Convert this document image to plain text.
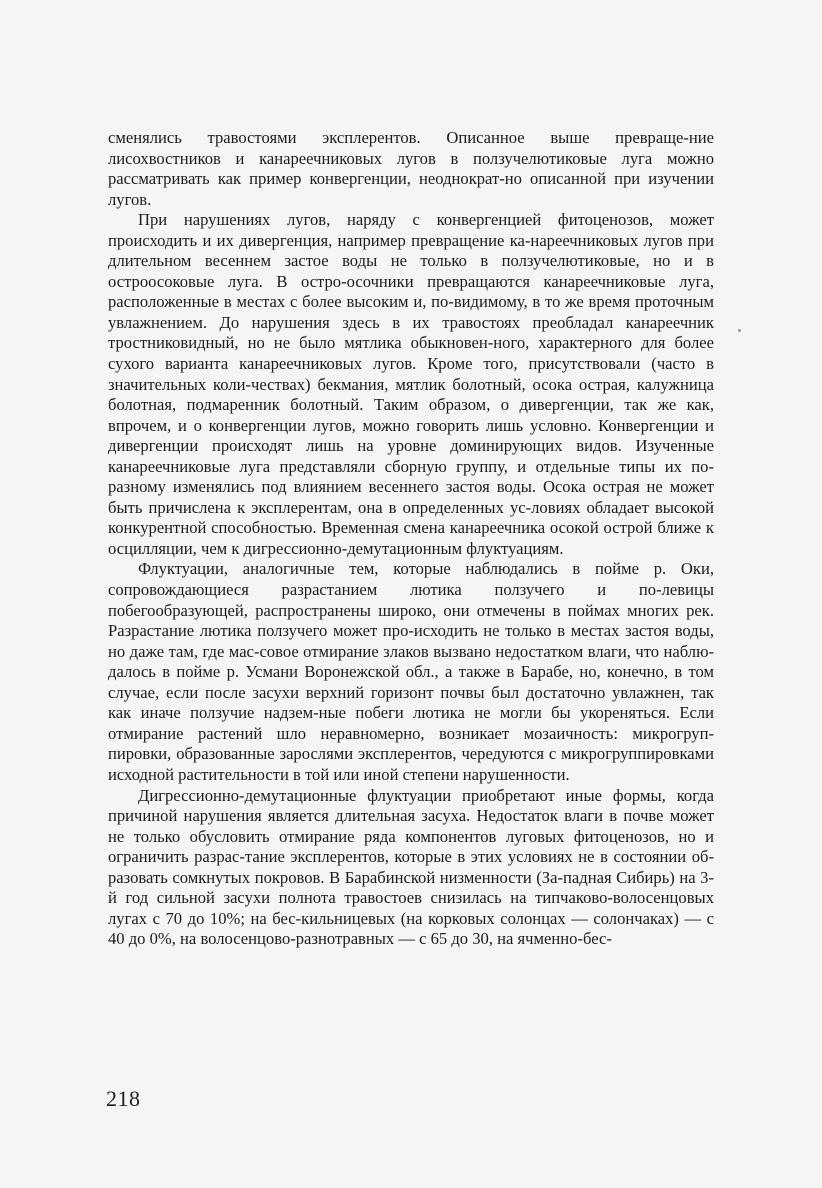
сменялись травостоями эксплерентов. Описанное выше превраще-ние лисохвостников и канареечниковых лугов в ползучелютиковые луга можно рассматривать как пример конвергенции, неоднократ-но описанной при изучении лугов.

При нарушениях лугов, наряду с конвергенцией фитоценозов, может происходить и их дивергенция, например превращение ка-нареечниковых лугов при длительном весеннем застое воды не только в ползучелютиковые, но и в остроосоковые луга. В остро-осочники превращаются канареечниковые луга, расположенные в местах с более высоким и, по-видимому, в то же время проточным увлажнением. До нарушения здесь в их травостоях преобладал канареечник тростниковидный, но не было мятлика обыкновен-ного, характерного для более сухого варианта канареечниковых лугов. Кроме того, присутствовали (часто в значительных коли-чествах) бекмания, мятлик болотный, осока острая, калужница болотная, подмаренник болотный. Таким образом, о дивергенции, так же как, впрочем, и о конвергенции лугов, можно говорить лишь условно. Конвергенции и дивергенции происходят лишь на уровне доминирующих видов. Изученные канареечниковые луга представляли сборную группу, и отдельные типы их по-разному изменялись под влиянием весеннего застоя воды. Осока острая не может быть причислена к эксплерентам, она в определенных ус-ловиях обладает высокой конкурентной способностью. Временная смена канареечника осокой острой ближе к осцилляции, чем к дигрессионно-демутационным флуктуациям.

Флуктуации, аналогичные тем, которые наблюдались в пойме р. Оки, сопровождающиеся разрастанием лютика ползучего и по-левицы побегообразующей, распространены широко, они отмечены в поймах многих рек. Разрастание лютика ползучего может про-исходить не только в местах застоя воды, но даже там, где мас-совое отмирание злаков вызвано недостатком влаги, что наблю-далось в пойме р. Усмани Воронежской обл., а также в Барабе, но, конечно, в том случае, если после засухи верхний горизонт почвы был достаточно увлажнен, так как иначе ползучие надзем-ные побеги лютика не могли бы укореняться. Если отмирание растений шло неравномерно, возникает мозаичность: микрогруп-пировки, образованные зарослями эксплерентов, чередуются с микрогруппировками исходной растительности в той или иной степени нарушенности.

Дигрессионно-демутационные флуктуации приобретают иные формы, когда причиной нарушения является длительная засуха. Недостаток влаги в почве может не только обусловить отмирание ряда компонентов луговых фитоценозов, но и ограничить разрас-тание эксплерентов, которые в этих условиях не в состоянии об-разовать сомкнутых покровов. В Барабинской низменности (За-падная Сибирь) на 3-й год сильной засухи полнота травостоев снизилась на типчаково-волосенцовых лугах с 70 до 10%; на бес-кильницевых (на корковых солонцах — солончаках) — с 40 до 0%, на волосенцово-разнотравных — с 65 до 30, на ячменно-бес-

218
